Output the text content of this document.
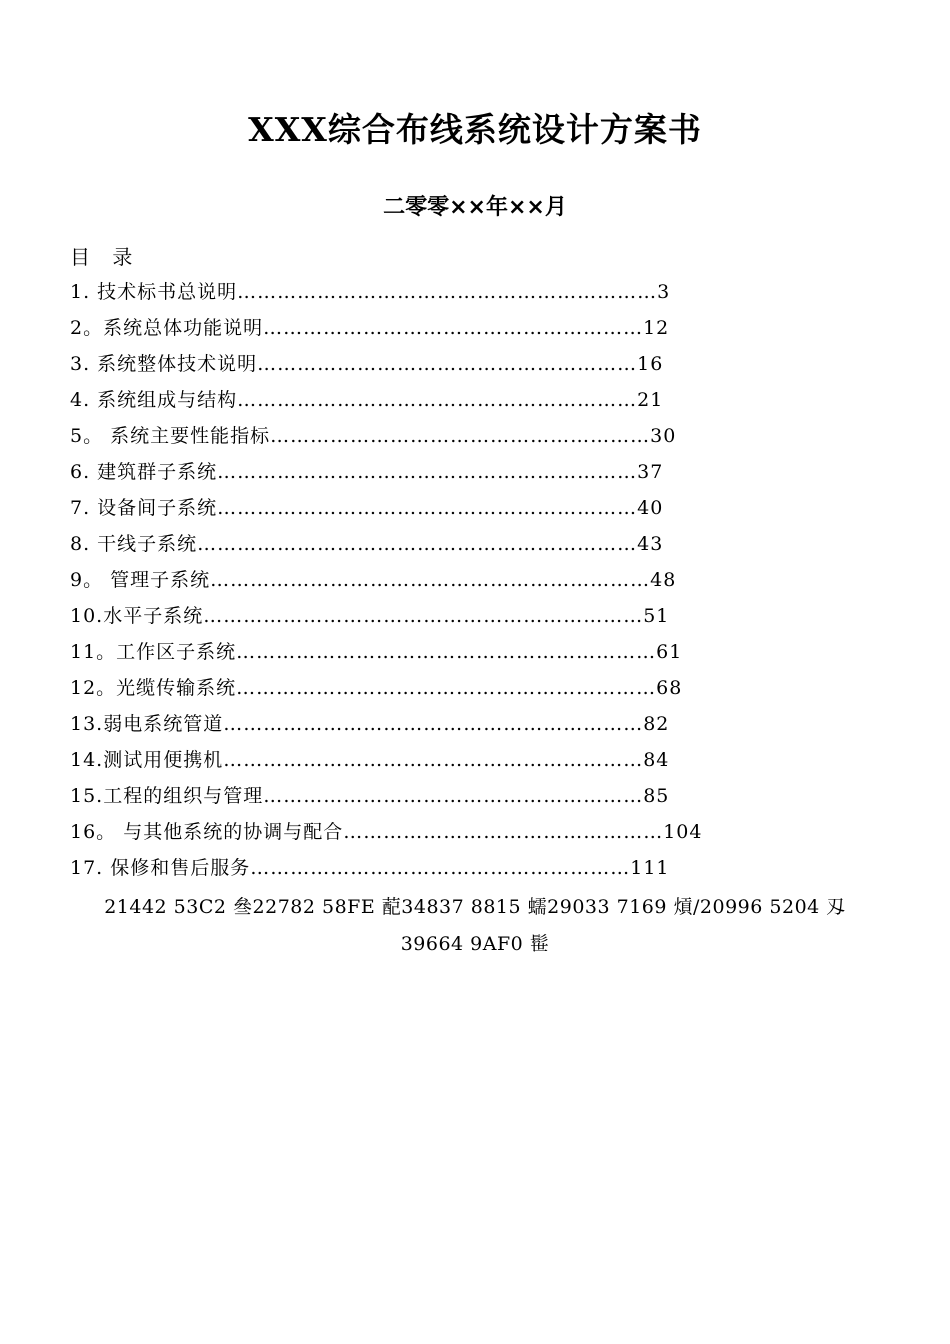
XXX综合布线系统设计方案书
二零零××年××月
目 录
1. 技术标书总说明………………………………………………………3
2。系统总体功能说明…………………………………………………12
3. 系统整体技术说明…………………………………………………16
4. 系统组成与结构……………………………………………………21
5。 系统主要性能指标…………………………………………………30
6. 建筑群子系统………………………………………………………37
7. 设备间子系统………………………………………………………40
8. 干线子系统…………………………………………………………43
9。 管理子系统…………………………………………………………48
10.水平子系统…………………………………………………………51
11。工作区子系统………………………………………………………61
12。光缆传输系统………………………………………………………68
13.弱电系统管道………………………………………………………82
14.测试用便携机………………………………………………………84
15.工程的组织与管理…………………………………………………85
16。 与其他系统的协调与配合…………………………………………104
17. 保修和售后服务…………………………………………………111
21442 53C2 叄22782 58FE 蓜34837 8815 蠕29033 7169 熕/20996 5204 刄
39664 9AF0 髰
